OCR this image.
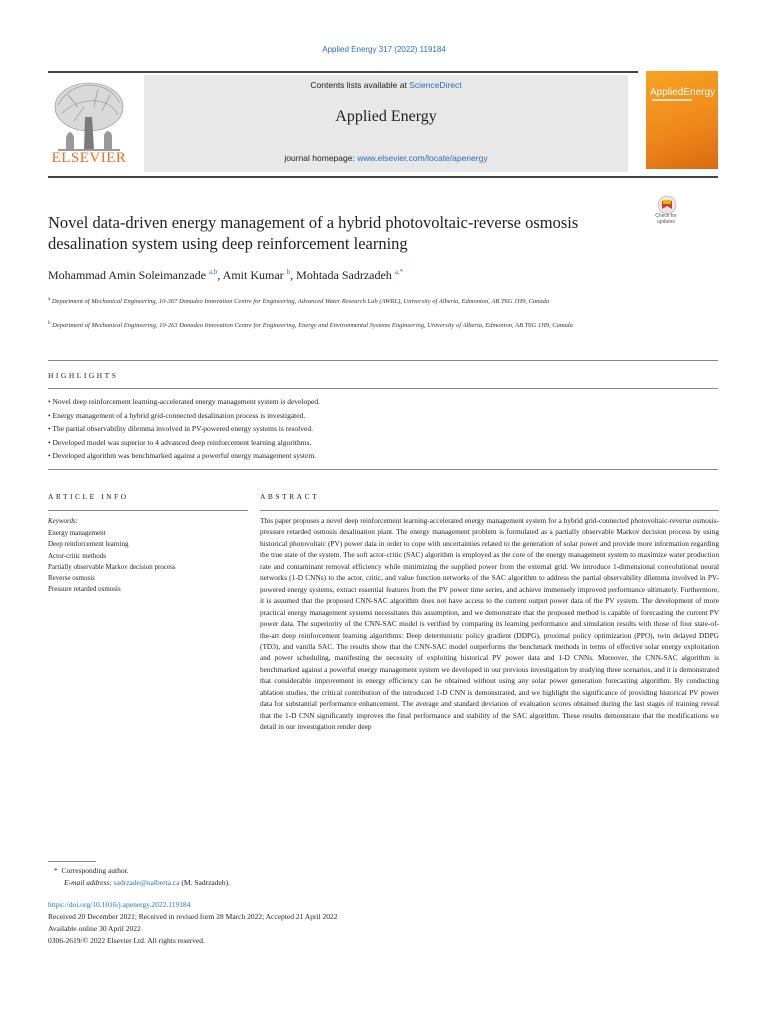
Applied Energy 317 (2022) 119184
ELSEVIER
Contents lists available at ScienceDirect
Applied Energy
journal homepage: www.elsevier.com/locate/apenergy
AppliedEnergy
Novel data-driven energy management of a hybrid photovoltaic-reverse osmosis desalination system using deep reinforcement learning
Check for updates
Mohammad Amin Soleimanzade $^{a,b}$, Amit Kumar $^b$, Mohtada Sadrzadeh $^{a,*}$
$^a$ Department of Mechanical Engineering, 10-367 Donadeo Innovation Centre for Engineering, Advanced Water Research Lab (AWRL), University of Alberta, Edmonton, AB T6G 1H9, Canada
$^b$ Department of Mechanical Engineering, 10-263 Donadeo Innovation Centre for Engineering, Energy and Environmental Systems Engineering, University of Alberta, Edmonton, AB T6G 1H9, Canada
HIGHLIGHTS
• Novel deep reinforcement learning-accelerated energy management system is developed.
• Energy management of a hybrid grid-connected desalination process is investigated.
• The partial observability dilemma involved in PV-powered energy systems is resolved.
• Developed model was superior to 4 advanced deep reinforcement learning algorithms.
• Developed algorithm was benchmarked against a powerful energy management system.
ARTICLE INFO
Keywords:
Energy management
Deep reinforcement learning
Actor-critic methods
Partially observable Markov decision process
Reverse osmosis
Pressure retarded osmosis
ABSTRACT
This paper proposes a novel deep reinforcement learning-accelerated energy management system for a hybrid grid-connected photovoltaic-reverse osmosis-pressure retarded osmosis desalination plant. The energy management problem is formulated as a partially observable Markov decision process by using historical photovoltaic (PV) power data in order to cope with uncertainties related to the generation of solar power and provide more information regarding the true state of the system. The soft actor-critic (SAC) algorithm is employed as the core of the energy management system to maximize water production rate and contaminant removal efficiency while minimizing the supplied power from the external grid. We introduce 1-dimensional convolutional neural networks (1-D CNNs) to the actor, critic, and value function networks of the SAC algorithm to address the partial observability dilemma involved in PV-powered energy systems, extract essential features from the PV power time series, and achieve immensely improved performance ultimately. Furthermore, it is assumed that the proposed CNN-SAC algorithm does not have access to the current output power data of the PV system. The development of more practical energy management systems necessitates this assumption, and we demonstrate that the proposed method is capable of forecasting the current PV power data. The superiority of the CNN-SAC model is verified by comparing its learning performance and simulation results with those of four state-of-the-art deep reinforcement learning algorithms: Deep deterministic policy gradient (DDPG), proximal policy optimization (PPO), twin delayed DDPG (TD3), and vanilla SAC. The results show that the CNN-SAC model outperforms the benchmark methods in terms of effective solar energy exploitation and power scheduling, manifesting the necessity of exploiting historical PV power data and 1-D CNNs. Moreover, the CNN-SAC algorithm is benchmarked against a powerful energy management system we developed in our previous investigation by studying three scenarios, and it is demonstrated that considerable improvement in energy efficiency can be obtained without using any solar power generation forecasting algorithm. By conducting ablation studies, the critical contribution of the introduced 1-D CNN is demonstrated, and we highlight the significance of providing historical PV power data for substantial performance enhancement. The average and standard deviation of evaluation scores obtained during the last stages of training reveal that the 1-D CNN significantly improves the final performance and stability of the SAC algorithm. These results demonstrate that the modifications we detail in our investigation render deep
*  Corresponding author.
E-mail address: sadrzade@ualberta.ca (M. Sadrzadeh).
https://doi.org/10.1016/j.apenergy.2022.119184
Received 20 December 2021; Received in revised form 28 March 2022; Accepted 21 April 2022
Available online 30 April 2022
0306-2619/© 2022 Elsevier Ltd. All rights reserved.
